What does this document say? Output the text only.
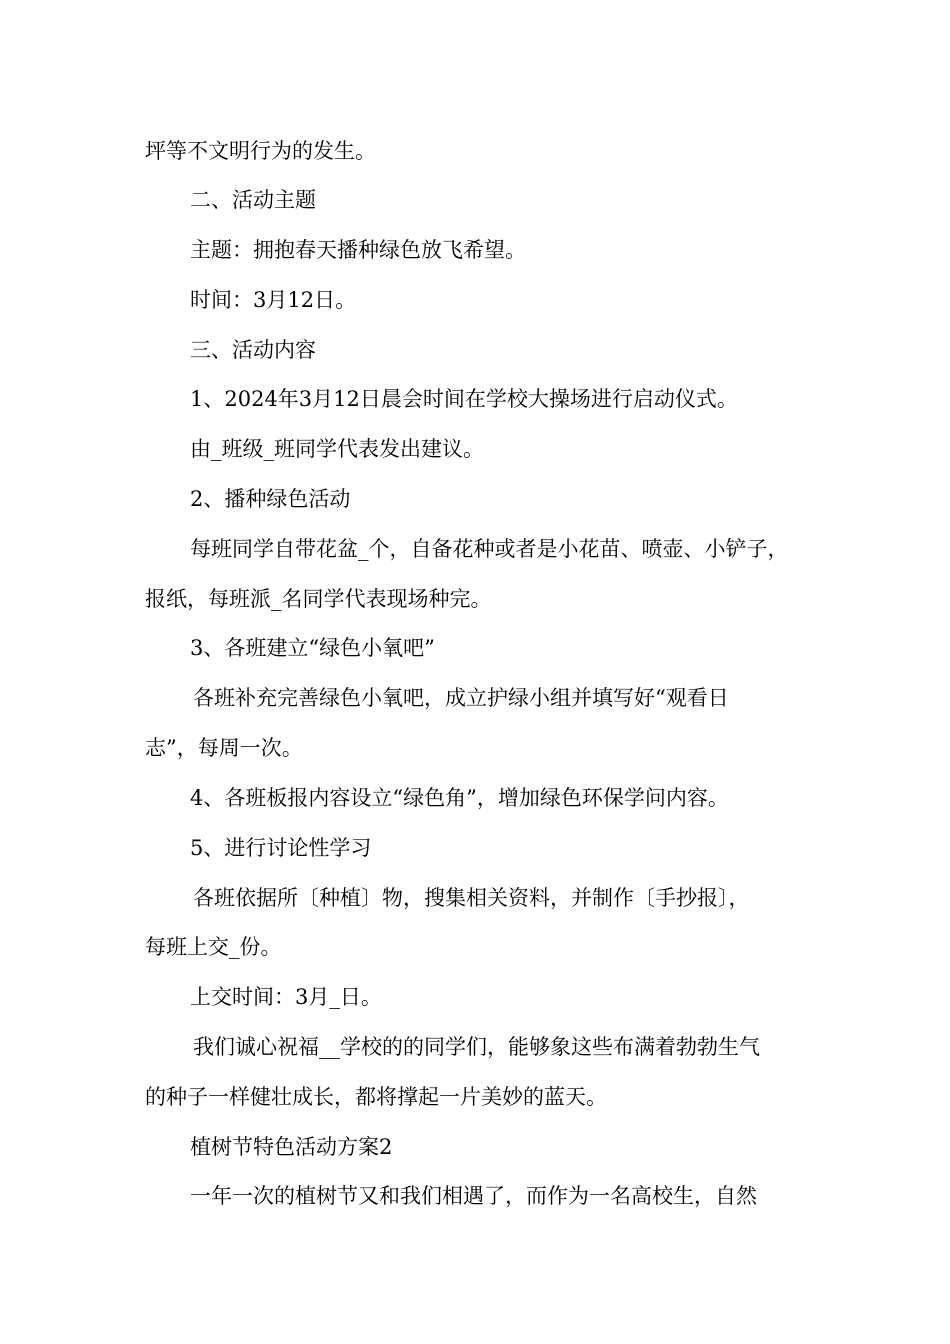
坪等不文明行为的发生。
二、活动主题
主题：拥抱春天播种绿色放飞希望。
时间：3月12日。
三、活动内容
1、2024年3月12日晨会时间在学校大操场进行启动仪式。
由_班级_班同学代表发出建议。
2、播种绿色活动
每班同学自带花盆_个，自备花种或者是小花苗、喷壶、小铲子，
报纸，每班派_名同学代表现场种完。
3、各班建立“绿色小氧吧”
各班补充完善绿色小氧吧，成立护绿小组并填写好“观看日
志”，每周一次。
4、各班板报内容设立“绿色角”，增加绿色环保学问内容。
5、进行讨论性学习
各班依据所〔种植〕物，搜集相关资料，并制作〔手抄报〕，
每班上交_份。
上交时间：3月_日。
我们诚心祝福__学校的的同学们，能够象这些布满着勃勃生气
的种子一样健壮成长，都将撑起一片美妙的蓝天。
植树节特色活动方案2
一年一次的植树节又和我们相遇了，而作为一名高校生，自然
